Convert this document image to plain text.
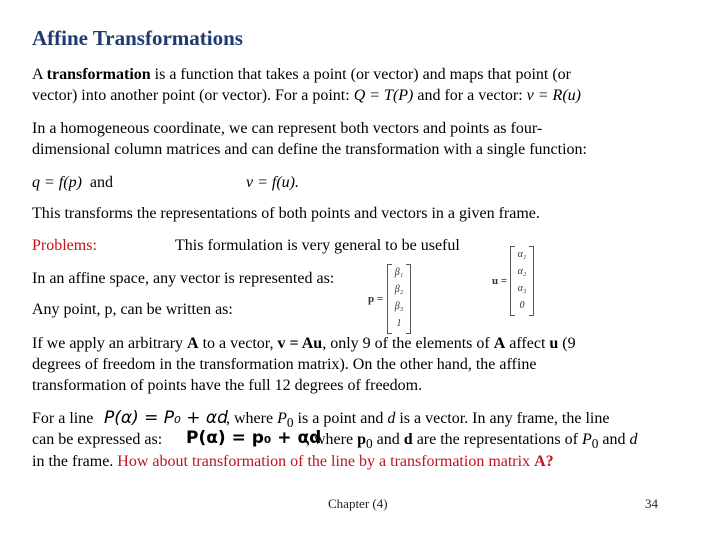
Affine Transformations
A transformation is a function that takes a point (or vector) and maps that point (or
vector) into another point (or vector). For a point: Q = T(P) and for a vector: v = R(u)
In a homogeneous coordinate, we can represent both vectors and points as four-
dimensional column matrices and can define the transformation with a single function:
q = f(p) and	v = f(u).
This transforms the representations of both points and vectors in a given frame.
Problems:	This formulation is very general to be useful
In an affine space, any vector is represented as:
Any point, p, can be written as:
u =
α₁
α₂
α₃
0
p =
β₁
β₂
β₃
1
If we apply an arbitrary A to a vector, v = Au, only 9 of the elements of A affect u (9
degrees of freedom in the transformation matrix). On the other hand, the affine
transformation of points have the full 12 degrees of freedom.
For a line P(α) = P₀ + αd
, where $P_0$ is a point and d is a vector. In any frame, the line
can be expressed as: P(α) = p₀ + αd
, where $p_0$ and d are the representations of $P_0$ and d
in the frame. How about transformation of the line by a transformation matrix A?
Chapter (4)	34
